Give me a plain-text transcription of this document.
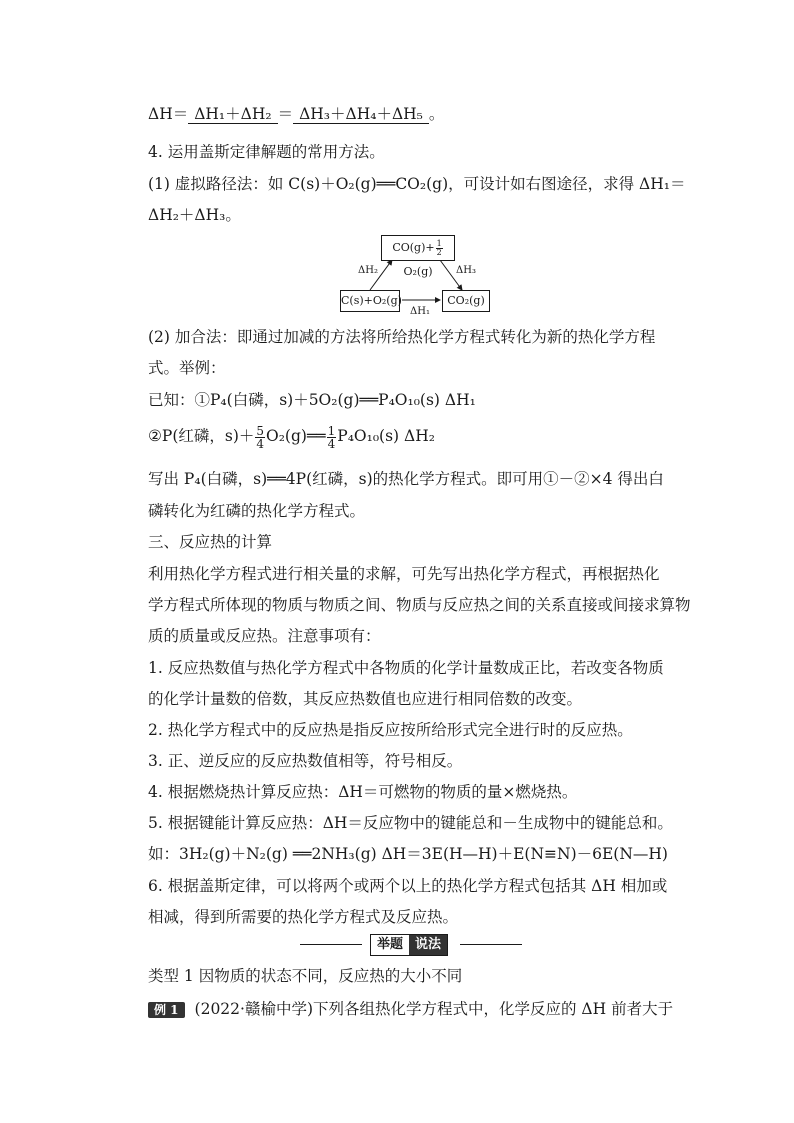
ΔH＝ ΔH₁＋ΔH₂ ＝ ΔH₃＋ΔH₄＋ΔH₅ 。
4. 运用盖斯定律解题的常用方法。
(1) 虚拟路径法：如 C(s)＋O₂(g)══CO₂(g)，可设计如右图途径，求得 ΔH₁＝
ΔH₂＋ΔH₃。
$CO(g)+ \frac{1}{2}$
O₂(g)
C(s)+O₂(g)	CO₂(g)
ΔH₂	ΔH₃
ΔH₁
(2) 加合法：即通过加减的方法将所给热化学方程式转化为新的热化学方程
式。举例：
已知：①P₄(白磷，s)＋5O₂(g)══P₄O₁₀(s) ΔH₁
②P(红磷，$s)+ \frac{5}{4}$ O₂(g)══ $\frac{1}{4} P_4O_{10}(s)$ ΔH₂
写出 P₄(白磷，s)══4P(红磷，s)的热化学方程式。即可用①－②×4 得出白
磷转化为红磷的热化学方程式。
三、反应热的计算
利用热化学方程式进行相关量的求解，可先写出热化学方程式，再根据热化
学方程式所体现的物质与物质之间、物质与反应热之间的关系直接或间接求算物
质的质量或反应热。注意事项有：
1. 反应热数值与热化学方程式中各物质的化学计量数成正比，若改变各物质
的化学计量数的倍数，其反应热数值也应进行相同倍数的改变。
2. 热化学方程式中的反应热是指反应按所给形式完全进行时的反应热。
3. 正、逆反应的反应热数值相等，符号相反。
4. 根据燃烧热计算反应热：ΔH＝可燃物的物质的量×燃烧热。
5. 根据键能计算反应热：ΔH＝反应物中的键能总和－生成物中的键能总和。
如：3H₂(g)＋N₂(g) ══2NH₃(g) ΔH＝3E(H—H)＋E(N≡N)－6E(N—H)
6. 根据盖斯定律，可以将两个或两个以上的热化学方程式包括其 ΔH 相加或
相减，得到所需要的热化学方程式及反应热。
举题 说法
类型 1 因物质的状态不同，反应热的大小不同
例 1 (2022·赣榆中学)下列各组热化学方程式中，化学反应的 ΔH 前者大于
